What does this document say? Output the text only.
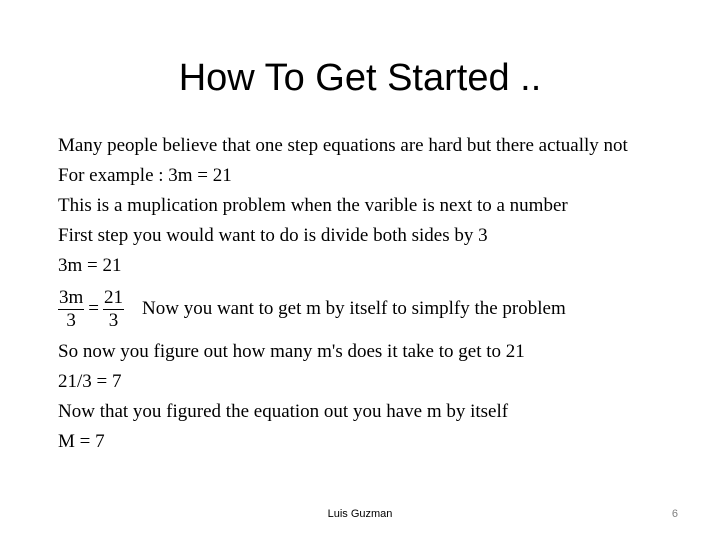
How To Get Started ..
Many people believe that one step equations are hard but there actually not
For example : 3m = 21
This is a muplication problem when the varible is next to a number
First step you would want to do is divide both sides by 3
3m = 21
$\frac{3m}{3} = \frac{21}{3}$ Now you want to get m by itself to simplfy the problem
So now you figure out how many m's does it take to get to 21
21/3 = 7
Now that you figured the equation out you have m by itself
M = 7
Luis Guzman	6
